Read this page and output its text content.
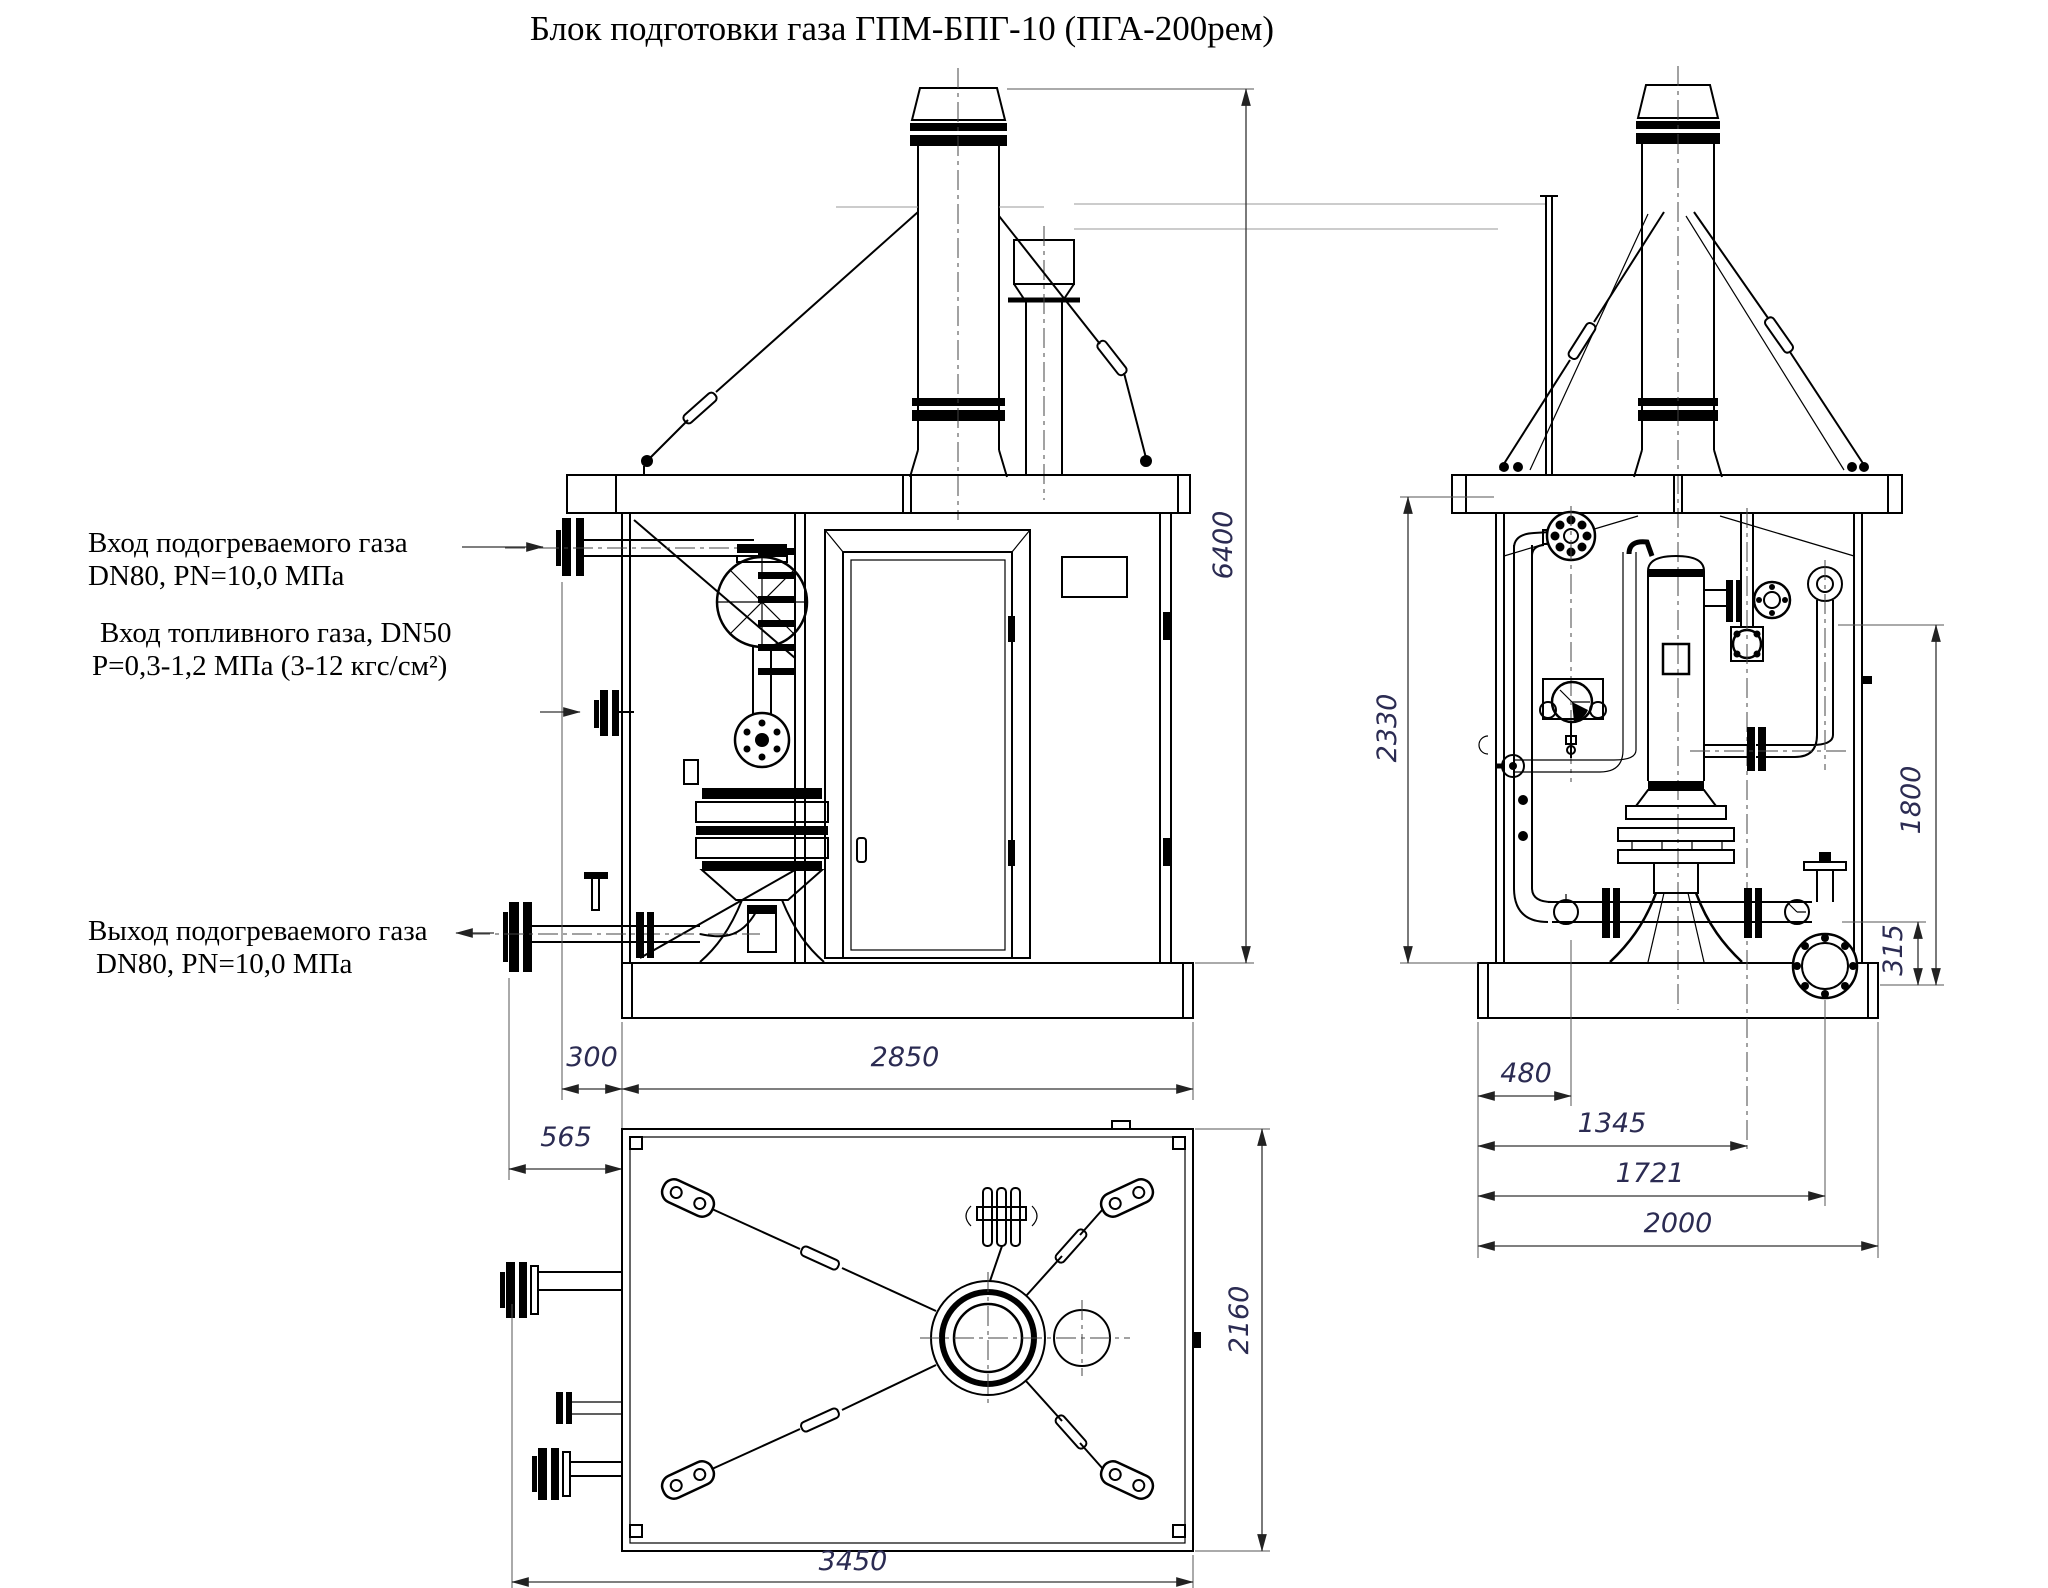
Блок подготовки газа ГПМ-БПГ-10 (ПГА-200рем)
6400
300	2850
565
Вход подогреваемого газа
DN80, PN=10,0 МПа
Вход топливного газа, DN50
Р=0,3-1,2 МПа (3-12 кгс/см²)
Выход подогреваемого газа
DN80, PN=10,0 МПа
2330
1800
315
480
1345
1721
2000
2160
3450
